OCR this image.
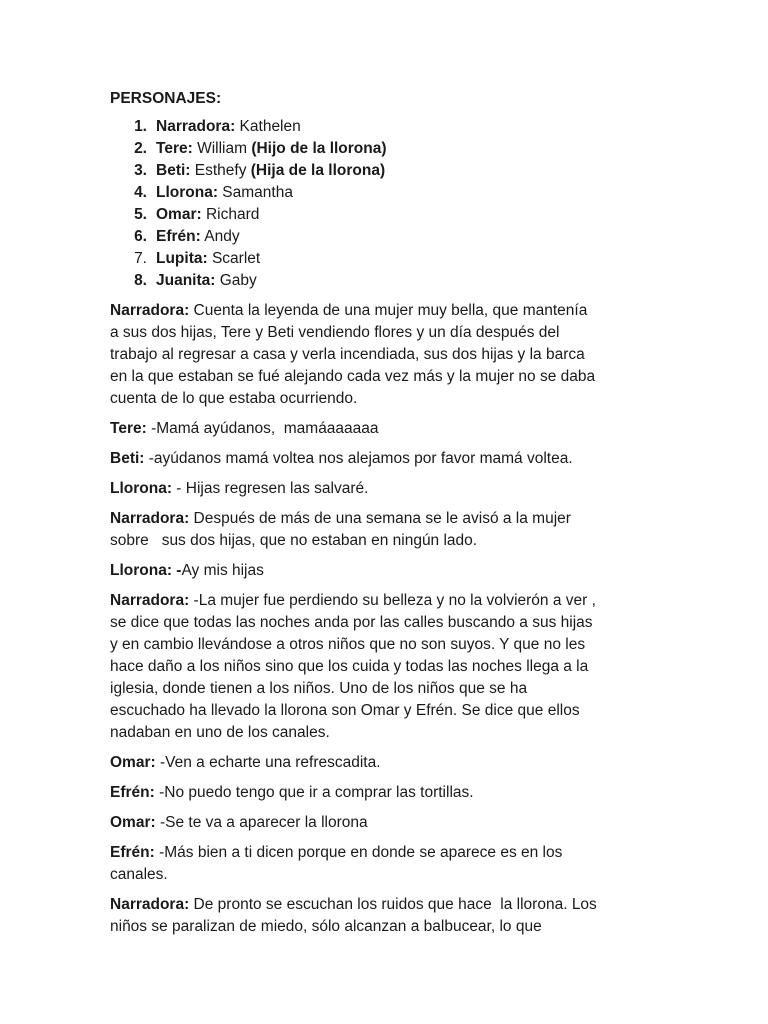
PERSONAJES:
1. Narradora: Kathelen
2. Tere: William (Hijo de la llorona)
3. Beti: Esthefy (Hija de la llorona)
4. Llorona: Samantha
5. Omar: Richard
6. Efrén: Andy
7. Lupita: Scarlet
8. Juanita: Gaby
Narradora: Cuenta la leyenda de una mujer muy bella, que mantenía
a sus dos hijas, Tere y Beti vendiendo flores y un día después del
trabajo al regresar a casa y verla incendiada, sus dos hijas y la barca
en la que estaban se fué alejando cada vez más y la mujer no se daba
cuenta de lo que estaba ocurriendo.
Tere: -Mamá ayúdanos,  mamáaaaaaa
Beti: -ayúdanos mamá voltea nos alejamos por favor mamá voltea.
Llorona: - Hijas regresen las salvaré.
Narradora: Después de más de una semana se le avisó a la mujer
sobre   sus dos hijas, que no estaban en ningún lado.
Llorona: -Ay mis hijas
Narradora: -La mujer fue perdiendo su belleza y no la volvierón a ver ,
se dice que todas las noches anda por las calles buscando a sus hijas
y en cambio llevándose a otros niños que no son suyos. Y que no les
hace daño a los niños sino que los cuida y todas las noches llega a la
iglesia, donde tienen a los niños. Uno de los niños que se ha
escuchado ha llevado la llorona son Omar y Efrén. Se dice que ellos
nadaban en uno de los canales.
Omar: -Ven a echarte una refrescadita.
Efrén: -No puedo tengo que ir a comprar las tortillas.
Omar: -Se te va a aparecer la llorona
Efrén: -Más bien a ti dicen porque en donde se aparece es en los
canales.
Narradora: De pronto se escuchan los ruidos que hace  la llorona. Los
niños se paralizan de miedo, sólo alcanzan a balbucear, lo que
